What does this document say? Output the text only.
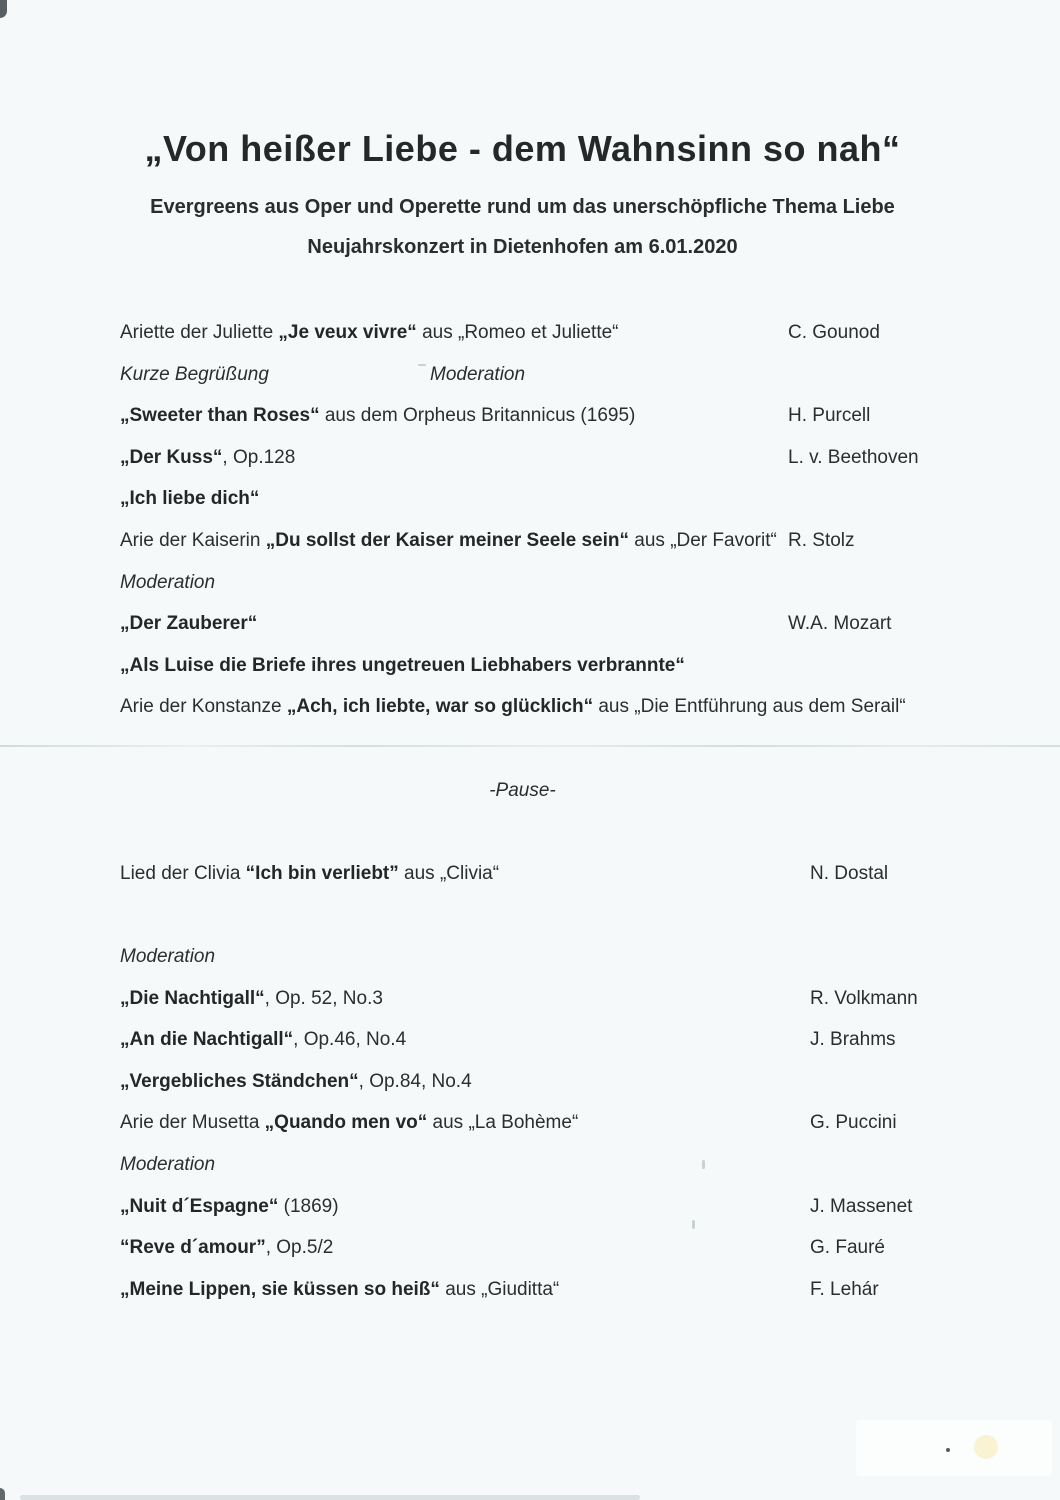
„Von heißer Liebe - dem Wahnsinn so nah“
Evergreens aus Oper und Operette rund um das unerschöpfliche Thema Liebe
Neujahrskonzert in Dietenhofen am 6.01.2020
Ariette der Juliette „Je veux vivre“ aus „Romeo et Juliette“	C. Gounod
Kurze Begrüßung	Moderation
„Sweeter than Roses“ aus dem Orpheus Britannicus (1695)	H. Purcell
„Der Kuss“, Op.128	L. v. Beethoven
„Ich liebe dich“
Arie der Kaiserin „Du sollst der Kaiser meiner Seele sein“ aus „Der Favorit“ R. Stolz
Moderation
„Der Zauberer“	W.A. Mozart
„Als Luise die Briefe ihres ungetreuen Liebhabers verbrannte“
Arie der Konstanze „Ach, ich liebte, war so glücklich“ aus „Die Entführung aus dem Serail“
-Pause-
Lied der Clivia “Ich bin verliebt” aus „Clivia“	N. Dostal
Moderation
„Die Nachtigall“, Op. 52, No.3	R. Volkmann
„An die Nachtigall“, Op.46, No.4	J. Brahms
„Vergebliches Ständchen“, Op.84, No.4
Arie der Musetta „Quando men vo“ aus „La Bohème“	G. Puccini
Moderation
„Nuit d´Espagne“ (1869)	J. Massenet
“Reve d´amour”, Op.5/2	G. Fauré
„Meine Lippen, sie küssen so heiß“ aus „Giuditta“	F. Lehár
